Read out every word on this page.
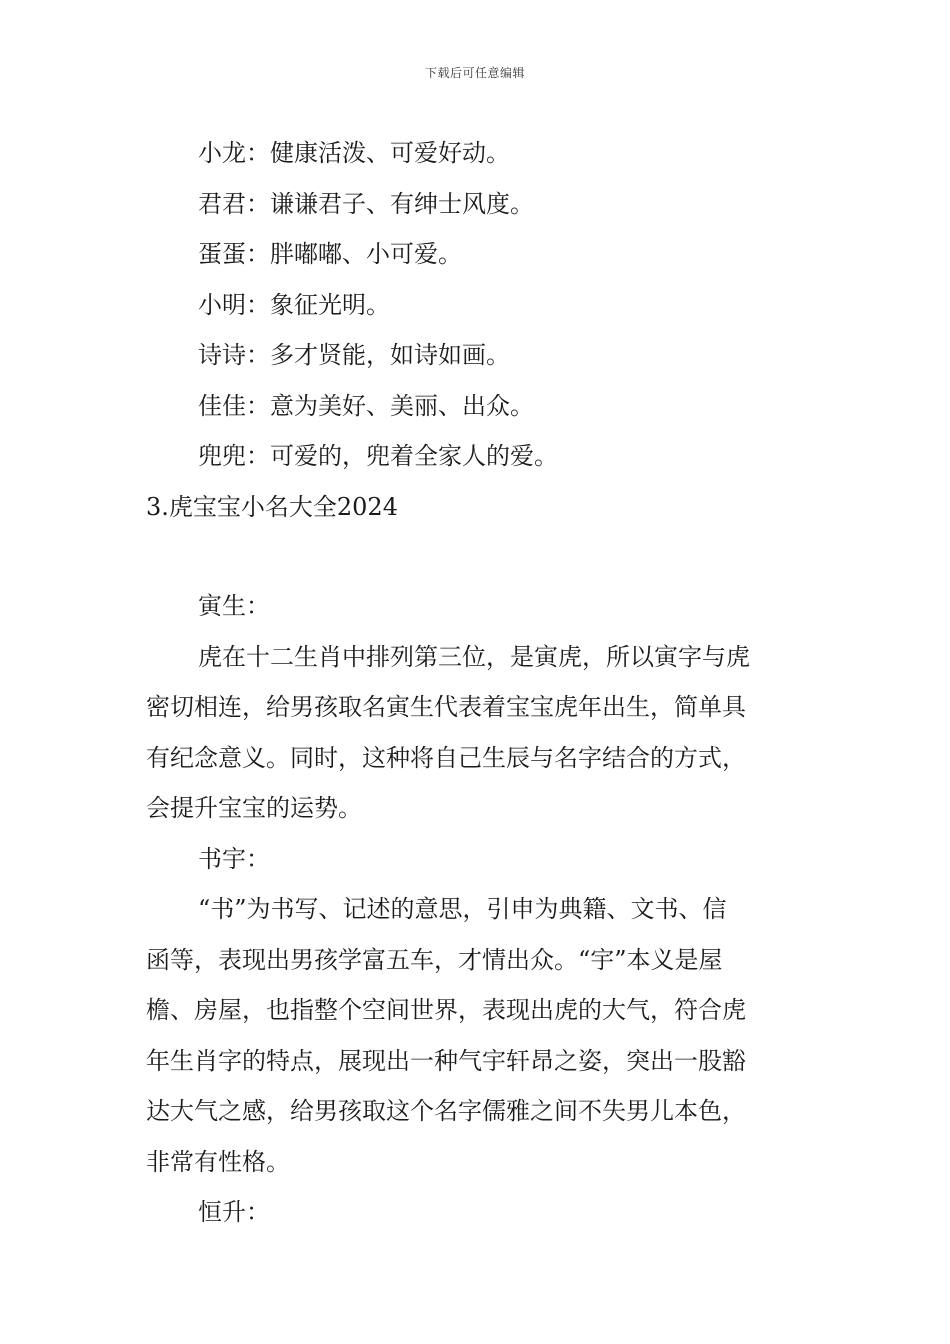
下载后可任意编辑
小龙：健康活泼、可爱好动。
君君：谦谦君子、有绅士风度。
蛋蛋：胖嘟嘟、小可爱。
小明：象征光明。
诗诗：多才贤能，如诗如画。
佳佳：意为美好、美丽、出众。
兜兜：可爱的，兜着全家人的爱。
3.虎宝宝小名大全2024
寅生：
虎在十二生肖中排列第三位，是寅虎，所以寅字与虎
密切相连，给男孩取名寅生代表着宝宝虎年出生，简单具
有纪念意义。同时，这种将自己生辰与名字结合的方式，
会提升宝宝的运势。
书宇：
“书”为书写、记述的意思，引申为典籍、文书、信
函等，表现出男孩学富五车，才情出众。“宇”本义是屋
檐、房屋，也指整个空间世界，表现出虎的大气，符合虎
年生肖字的特点，展现出一种气宇轩昂之姿，突出一股豁
达大气之感，给男孩取这个名字儒雅之间不失男儿本色，
非常有性格。
恒升：
